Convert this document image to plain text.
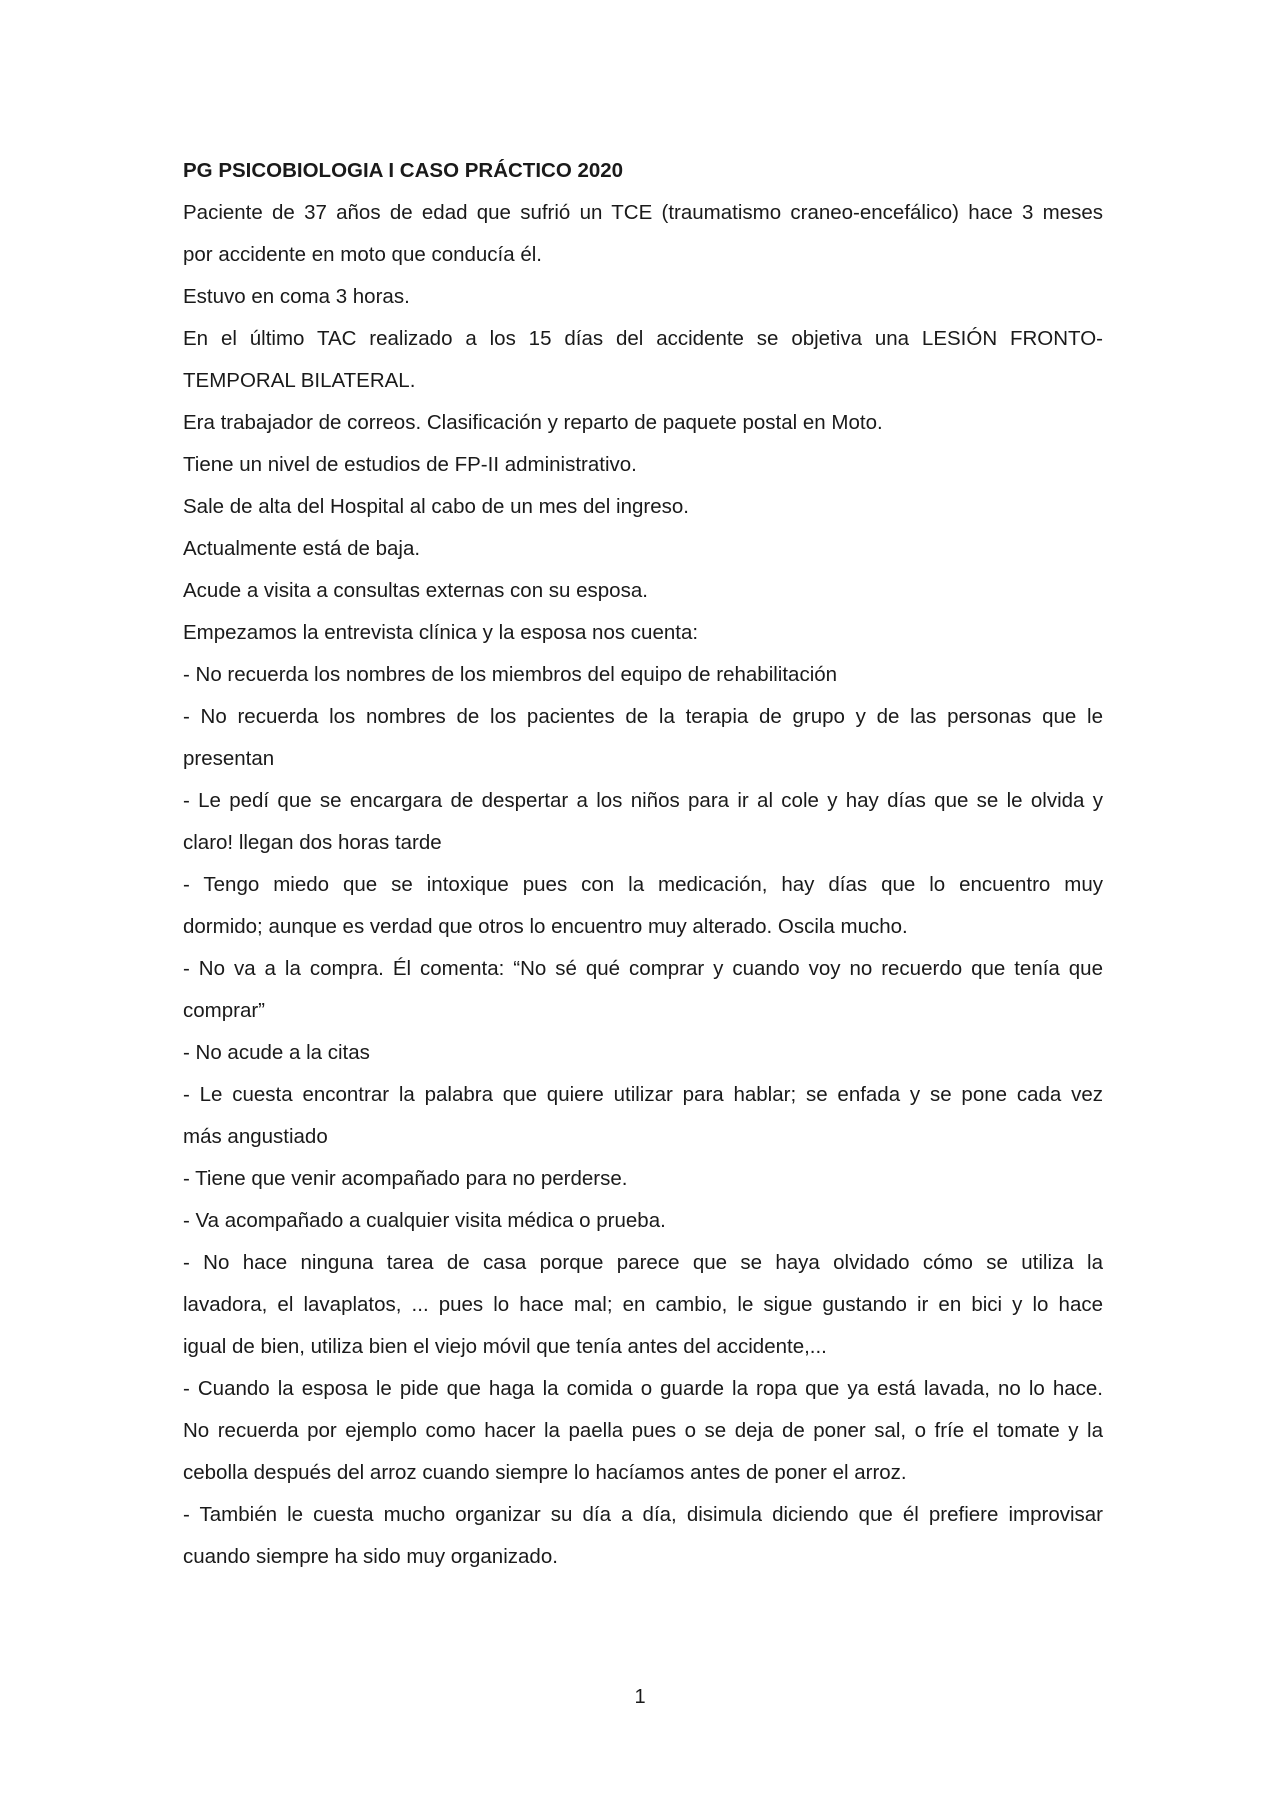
PG PSICOBIOLOGIA I CASO PRÁCTICO 2020
Paciente de 37 años de edad que sufrió un TCE (traumatismo craneo-encefálico) hace 3 meses
por accidente en moto que conducía él.
Estuvo en coma 3 horas.
En el último TAC realizado a los 15 días del accidente se objetiva una LESIÓN FRONTO-
TEMPORAL BILATERAL.
Era trabajador de correos. Clasificación y reparto de paquete postal en Moto.
Tiene un nivel de estudios de FP-II administrativo.
Sale de alta del Hospital al cabo de un mes del ingreso.
Actualmente está de baja.
Acude a visita a consultas externas con su esposa.
Empezamos la entrevista clínica y la esposa nos cuenta:
- No recuerda los nombres de los miembros del equipo de rehabilitación
- No recuerda los nombres de los pacientes de la terapia de grupo y de las personas que le
presentan
- Le pedí que se encargara de despertar a los niños para ir al cole y hay días que se le olvida y
claro! llegan dos horas tarde
- Tengo miedo que se intoxique pues con la medicación, hay días que lo encuentro muy
dormido; aunque es verdad que otros lo encuentro muy alterado. Oscila mucho.
- No va a la compra. Él comenta: “No sé qué comprar y cuando voy no recuerdo que tenía que
comprar”
- No acude a la citas
- Le cuesta encontrar la palabra que quiere utilizar para hablar; se enfada y se pone cada vez
más angustiado
- Tiene que venir acompañado para no perderse.
- Va acompañado a cualquier visita médica o prueba.
- No hace ninguna tarea de casa porque parece que se haya olvidado cómo se utiliza la
lavadora, el lavaplatos, ... pues lo hace mal; en cambio, le sigue gustando ir en bici y lo hace
igual de bien, utiliza bien el viejo móvil que tenía antes del accidente,...
- Cuando la esposa le pide que haga la comida o guarde la ropa que ya está lavada, no lo hace.
No recuerda por ejemplo como hacer la paella pues o se deja de poner sal, o fríe el tomate y la
cebolla después del arroz cuando siempre lo hacíamos antes de poner el arroz.
- También le cuesta mucho organizar su día a día, disimula diciendo que él prefiere improvisar
cuando siempre ha sido muy organizado.
1
